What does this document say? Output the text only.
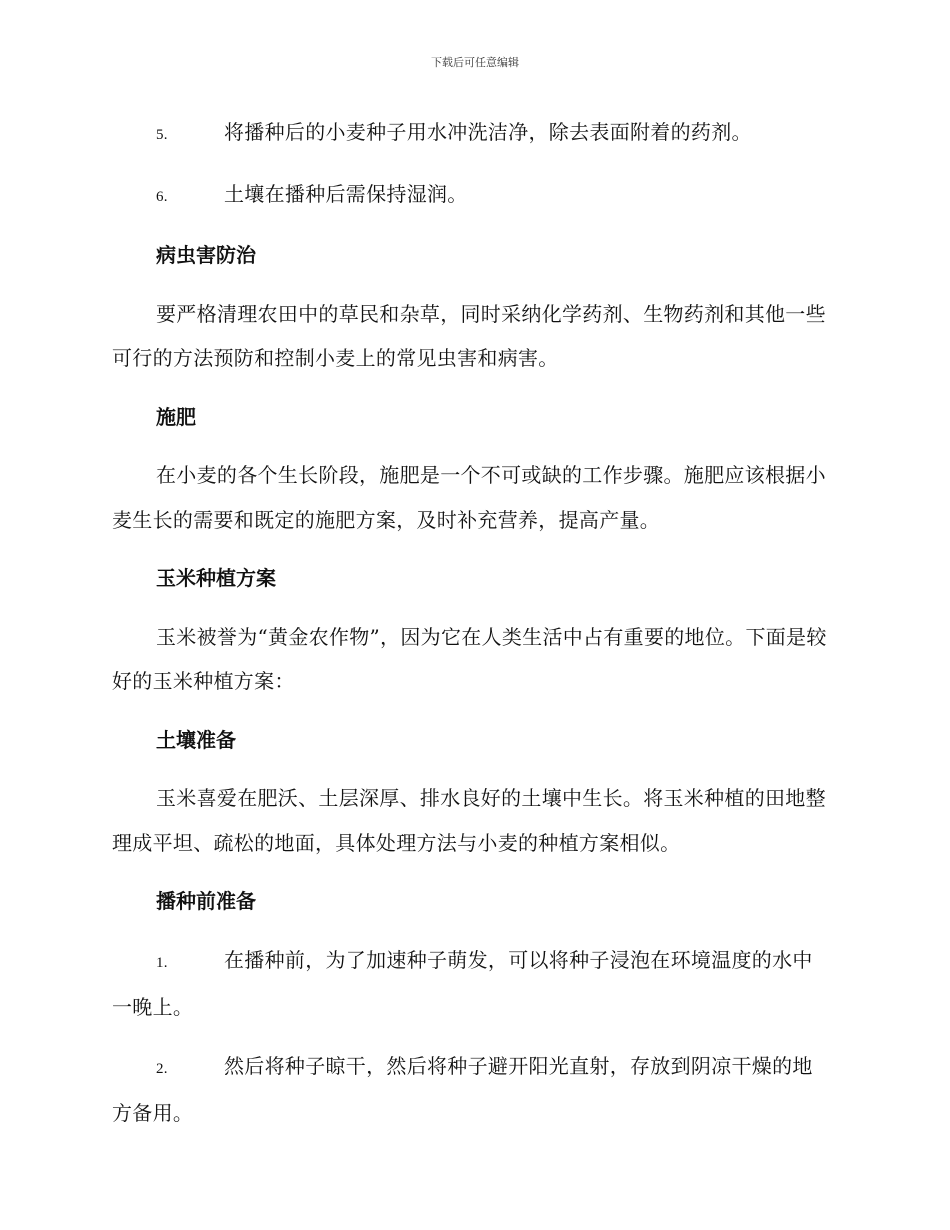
下载后可任意编辑

5.	将播种后的小麦种子用水冲洗洁净，除去表面附着的药剂。

6.	土壤在播种后需保持湿润。

病虫害防治

要严格清理农田中的草民和杂草，同时采纳化学药剂、生物药剂和其他一些可行的方法预防和控制小麦上的常见虫害和病害。

施肥

在小麦的各个生长阶段，施肥是一个不可或缺的工作步骤。施肥应该根据小麦生长的需要和既定的施肥方案，及时补充营养，提高产量。

玉米种植方案

玉米被誉为“黄金农作物”，因为它在人类生活中占有重要的地位。下面是较好的玉米种植方案：

土壤准备

玉米喜爱在肥沃、土层深厚、排水良好的土壤中生长。将玉米种植的田地整理成平坦、疏松的地面，具体处理方法与小麦的种植方案相似。

播种前准备

1.	在播种前，为了加速种子萌发，可以将种子浸泡在环境温度的水中一晚上。

2.	然后将种子晾干，然后将种子避开阳光直射，存放到阴凉干燥的地方备用。
